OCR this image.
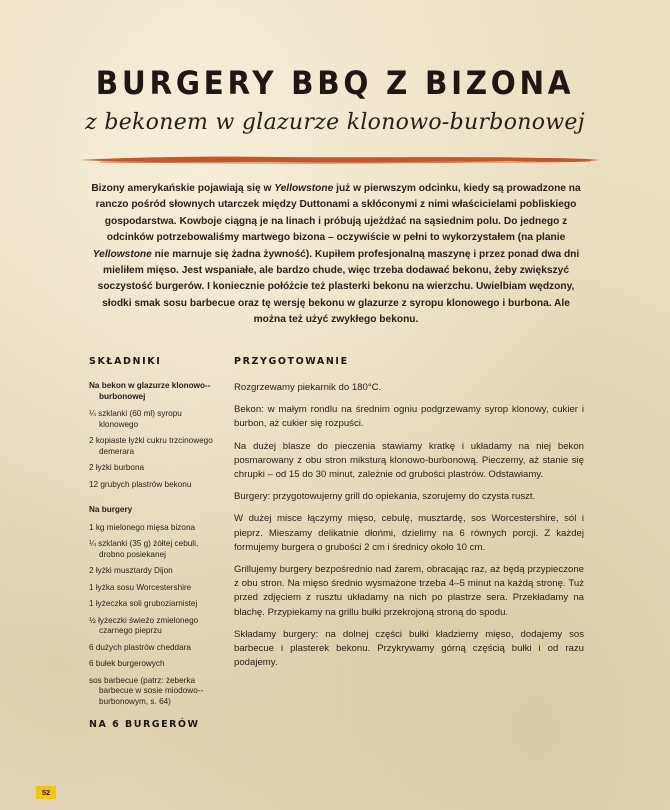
BURGERY BBQ Z BIZONA
z bekonem w glazurze klonowo-burbonowej
Bizony amerykańskie pojawiają się w Yellowstone już w pierwszym odcinku, kiedy są prowadzone na ranczo pośród słownych utarczek między Duttonami a skłóconymi z nimi właścicielami pobliskiego gospodarstwa. Kowboje ciągną je na linach i próbują ujeżdżać na sąsiednim polu. Do jednego z odcinków potrzebowaliśmy martwego bizona – oczywiście w pełni to wykorzystałem (na planie Yellowstone nie marnuje się żadna żywność). Kupiłem profesjonalną maszynę i przez ponad dwa dni mieliłem mięso. Jest wspaniałe, ale bardzo chude, więc trzeba dodawać bekonu, żeby zwiększyć soczystość burgerów. I koniecznie połóżcie też plasterki bekonu na wierzchu. Uwielbiam wędzony, słodki smak sosu barbecue oraz tę wersję bekonu w glazurze z syropu klonowego i burbona. Ale można też użyć zwykłego bekonu.
SKŁADNIKI
Na bekon w glazurze klonowo--burbonowej
¼ szklanki (60 ml) syropu klonowego
2 kopiaste łyżki cukru trzcinowego demerara
2 łyżki burbona
12 grubych plastrów bekonu
Na burgery
1 kg mielonego mięsa bizona
¼ szklanki (35 g) żółtej cebuli, drobno posiekanej
2 łyżki musztardy Dijon
1 łyżka sosu Worcestershire
1 łyżeczka soli gruboziarnistej
½ łyżeczki świeżo zmielonego czarnego pieprzu
6 dużych plastrów cheddara
6 bułek burgerowych
sos barbecue (patrz: żeberka barbecue w sosie miodowo--burbonowym, s. 64)
NA 6 BURGERÓW
PRZYGOTOWANIE

Rozgrzewamy piekarnik do 180°C.

Bekon: w małym rondlu na średnim ogniu podgrzewamy syrop klonowy, cukier i burbon, aż cukier się rozpuści.

Na dużej blasze do pieczenia stawiamy kratkę i układamy na niej bekon posmarowany z obu stron miksturą klonowo-burbonową. Pieczemy, aż stanie się chrupki – od 15 do 30 minut, zależnie od grubości plastrów. Odstawiamy.

Burgery: przygotowujemy grill do opiekania, szorujemy do czysta ruszt.

W dużej misce łączymy mięso, cebulę, musztardę, sos Worcestershire, sól i pieprz. Mieszamy delikatnie dłońmi, dzielimy na 6 równych porcji. Z każdej formujemy burgera o grubości 2 cm i średnicy około 10 cm.

Grillujemy burgery bezpośrednio nad żarem, obracając raz, aż będą przypieczone z obu stron. Na mięso średnio wysmażone trzeba 4–5 minut na każdą stronę. Tuż przed zdjęciem z rusztu układamy na nich po plastrze sera. Przekładamy na blachę. Przypiekamy na grillu bułki przekrojoną stroną do spodu.

Składamy burgery: na dolnej części bułki kładziemy mięso, dodajemy sos barbecue i plasterek bekonu. Przykrywamy górną częścią bułki i od razu podajemy.

52
